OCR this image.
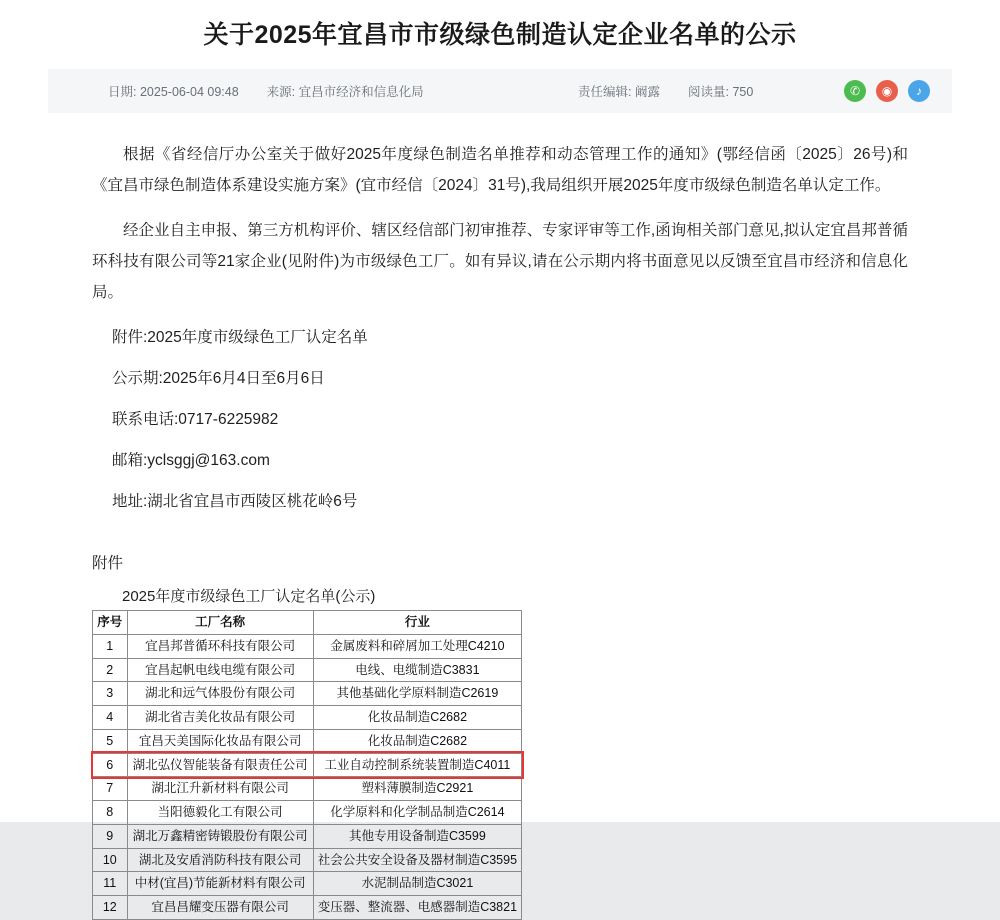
关于2025年宜昌市市级绿色制造认定企业名单的公示
日期: 2025-06-04 09:48 来源: 宜昌市经济和信息化局	责任编辑: 阚露 阅读量: 750	✆	◉	♪

根据《省经信厅办公室关于做好2025年度绿色制造名单推荐和动态管理工作的通知》(鄂经信函〔2025〕26号)和《宜昌市绿色制造体系建设实施方案》(宜市经信〔2024〕31号),我局组织开展2025年度市级绿色制造名单认定工作。

经企业自主申报、第三方机构评价、辖区经信部门初审推荐、专家评审等工作,函询相关部门意见,拟认定宜昌邦普循环科技有限公司等21家企业(见附件)为市级绿色工厂。如有异议,请在公示期内将书面意见以反馈至宜昌市经济和信息化局。

附件:2025年度市级绿色工厂认定名单

公示期:2025年6月4日至6月6日

联系电话:0717-6225982

邮箱:yclsggj@163.com

地址:湖北省宜昌市西陵区桃花岭6号

附件
2025年度市级绿色工厂认定名单(公示)
序号	工厂名称	行业
1	宜昌邦普循环科技有限公司	金属废料和碎屑加工处理C4210
2	宜昌起帆电线电缆有限公司	电线、电缆制造C3831
3	湖北和远气体股份有限公司	其他基础化学原料制造C2619
4	湖北省吉美化妆品有限公司	化妆品制造C2682
5	宜昌天美国际化妆品有限公司	化妆品制造C2682
6	湖北弘仪智能装备有限责任公司	工业自动控制系统装置制造C4011
7	湖北江升新材料有限公司	塑料薄膜制造C2921
8	当阳德毅化工有限公司	化学原料和化学制品制造C2614
9	湖北万鑫精密铸锻股份有限公司	其他专用设备制造C3599
10	湖北及安盾消防科技有限公司	社会公共安全设备及器材制造C3595
11	中材(宜昌)节能新材料有限公司	水泥制品制造C3021
12	宜昌昌耀变压器有限公司	变压器、整流器、电感器制造C3821
